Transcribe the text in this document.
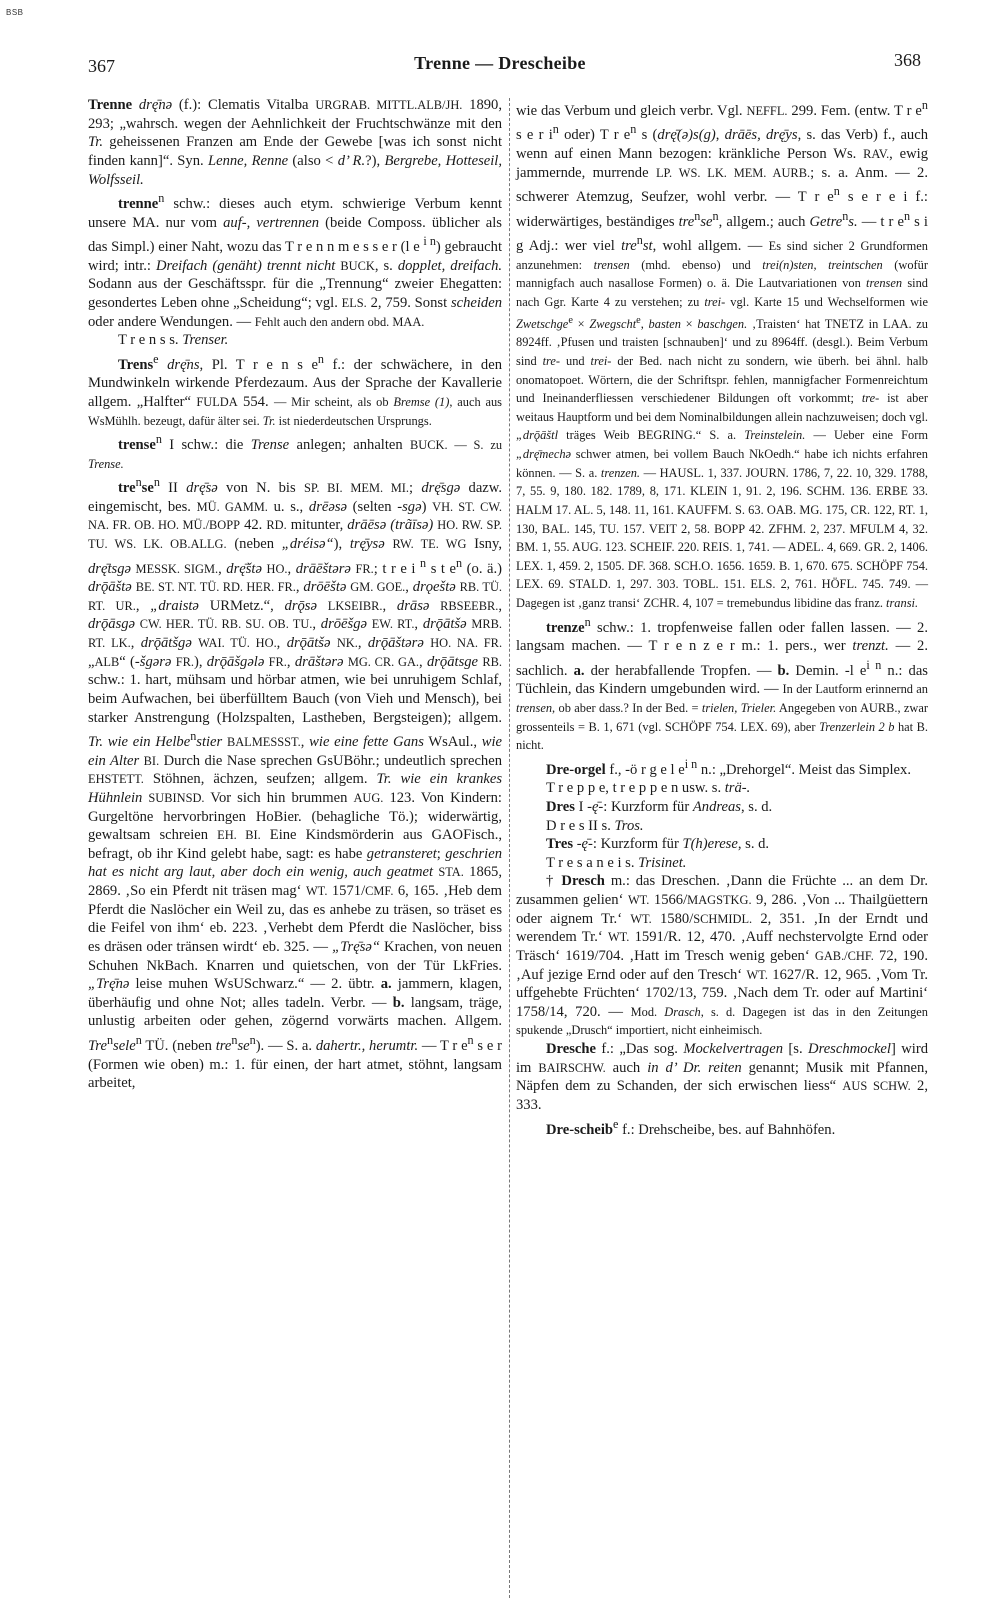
BSB
367	Trenne — Drescheibe	368

Trenne drę̄nə (f.): Clematis Vitalba URGRAB. MITTL.ALB/JH. 1890, 293; „wahrsch. wegen der Aehnlichkeit der Fruchtschwänze mit den Tr. geheissenen Franzen am Ende der Gewebe [was ich sonst nicht finden kann]“. Syn. Lenne, Renne (also < d’ R.?), Bergrebe, Hotteseil, Wolfsseil.

trenne$^n$ schw.: dieses auch etym. schwierige Verbum kennt unsere MA. nur vom auf-, vertrennen (beide Composs. üblicher als das Simpl.) einer Naht, wozu das T r e n n m e s s e r (l e $^{i n}$) gebraucht wird; intr.: Dreifach (genäht) trennt nicht BUCK, s. dopplet, dreifach. Sodann aus der Geschäftsspr. für die „Trennung“ zweier Ehegatten: gesondertes Leben ohne „Scheidung“; vgl. ELS. 2, 759. Sonst scheiden oder andere Wendungen. — Fehlt auch den andern obd. MAA.

T r e n s s. Trenser.

Trens$^e$ drę̄ns, Pl. T r e n s $e^n$ f.: der schwächere, in den Mundwinkeln wirkende Pferdezaum. Aus der Sprache der Kavallerie allgem. „Halfter“ FULDA 554. — Mir scheint, als ob Bremse (1), auch aus WsMühlh. bezeugt, dafür älter sei. Tr. ist niederdeutschen Ursprungs.

trense$^n$ I schw.: die Trense anlegen; anhalten BUCK. — S. zu Trense.

$tre^nse^n$ II drę̄sə von N. bis SP. BI. MEM. MI.; drę̄sgə dazw. eingemischt, bes. MÜ. GAMM. u. s., drēəsə (selten -sgə) VH. ST. CW. NA. FR. OB. HO. MÜ./BOPP 42. RD. mitunter, drāēsə (trãīsə) HO. RW. SP. TU. WS. LK. OB.ALLG. (neben „dréisə“), trę̄ysə RW. TE. WG Isny, drę̄tsgə MESSK. SIGM., drę̄štə HO., drāēštərə FR.; t r e i $^n$ s t $e^n$ (o. ä.) drǭāštə BE. ST. NT. TÜ. RD. HER. FR., drōēštə GM. GOE., drǫeštə RB. TÜ. RT. UR., „draistə URMetz.“, drǭsə LKSEIBR., drāsə RBSEEBR., drǭāsgə CW. HER. TÜ. RB. SU. OB. TU., drōēšgə EW. RT., drǭātšə MRB. RT. LK., drǭātšgə WAI. TÜ. HO., drǭātšə NK., drǭāštərə HO. NA. FR. „ALB“ (-šgərə FR.), drǭāšgələ FR., drāštərə MG. CR. GA., drǭātsge RB. schw.: 1. hart, mühsam und hörbar atmen, wie bei unruhigem Schlaf, beim Aufwachen, bei überfülltem Bauch (von Vieh und Mensch), bei starker Anstrengung (Holzspalten, Lastheben, Bergsteigen); allgem. Tr. wie ein Helbe$^n$stier BALMESSST., wie eine fette Gans WsAul., wie ein Alter BI. Durch die Nase sprechen GsUBöhr.; undeutlich sprechen EHSTETT. Stöhnen, ächzen, seufzen; allgem. Tr. wie ein krankes Hühnlein SUBINSD. Vor sich hin brummen AUG. 123. Von Kindern: Gurgeltöne hervorbringen HoBier. (behagliche Tö.); widerwärtig, gewaltsam schreien EH. BI. Eine Kindsmörderin aus GAOFisch., befragt, ob ihr Kind gelebt habe, sagt: es habe getransteret; geschrien hat es nicht arg laut, aber doch ein wenig, auch geatmet STA. 1865, 2869. ‚So ein Pferdt nit träsen mag‘ WT. 1571/CMF. 6, 165. ‚Heb dem Pferdt die Naslöcher ein Weil zu, das es anhebe zu träsen, so träset es die Feifel von ihm‘ eb. 223. ‚Verhebt dem Pferdt die Naslöcher, biss es dräsen oder tränsen wirdt‘ eb. 325. — „Trę̄sə“ Krachen, von neuen Schuhen NkBach. Knarren und quietschen, von der Tür LkFries. „Trę̄nə leise muhen WsUSchwarz.“ — 2. übtr. a. jammern, klagen, überhäufig und ohne Not; alles tadeln. Verbr. — b. langsam, träge, unlustig arbeiten oder gehen, zögernd vorwärts machen. Allgem. Tre$^n$sele$^n$ TÜ. (neben $tre^nse^n$). — S. a. dahertr., herumtr. — T r $e^n$ s e r (Formen wie oben) m.: 1. für einen, der hart atmet, stöhnt, langsam arbeitet,

wie das Verbum und gleich verbr. Vgl. NEFFL. 299. Fem. (entw. T r $e^n$ s e r $i^n$ oder) T r $e^n$ s (drę̄(ə)s(g), drāēs, drę̄ys, s. das Verb) f., auch wenn auf einen Mann bezogen: kränkliche Person Ws. RAV., ewig jammernde, murrende LP. WS. LK. MEM. AURB.; s. a. Anm. — 2. schwerer Atemzug, Seufzer, wohl verbr. — T r $e^n$ s e r e i f.: widerwärtiges, beständiges $tre^nse^n$, allgem.; auch Getre$^n$s. — t r $e^n$ s i g Adj.: wer viel tre$^n$st, wohl allgem. — Es sind sicher 2 Grundformen anzunehmen: trensen (mhd. ebenso) und trei(n)sten, treintschen (wofür mannigfach auch nasallose Formen) o. ä. Die Lautvariationen von trensen sind nach Ggr. Karte 4 zu verstehen; zu trei- vgl. Karte 15 und Wechselformen wie Zwetschge$^e$ × Zwegscht$^e$, basten × baschgen. ‚Traisten‘ hat TNETZ in LAA. zu 8924ff. ‚Pfusen und traisten [schnauben]‘ und zu 8964ff. (desgl.). Beim Verbum sind tre- und trei- der Bed. nach nicht zu sondern, wie überh. bei ähnl. halb onomatopoet. Wörtern, die der Schriftspr. fehlen, mannigfacher Formenreichtum und Ineinanderfliessen verschiedener Bildungen oft vorkommt; tre- ist aber weitaus Hauptform und bei dem Nominalbildungen allein nachzuweisen; doch vgl. „drǭāštl träges Weib BEGRING.“ S. a. Treinstelein. — Ueber eine Form „drę̄mechə schwer atmen, bei vollem Bauch NkOedh.“ habe ich nichts erfahren können. — S. a. trenzen. — HAUSL. 1, 337. JOURN. 1786, 7, 22. 10, 329. 1788, 7, 55. 9, 180. 182. 1789, 8, 171. KLEIN 1, 91. 2, 196. SCHM. 136. ERBE 33. HALM 17. AL. 5, 148. 11, 161. KAUFFM. S. 63. OAB. MG. 175, CR. 122, RT. 1, 130, BAL. 145, TU. 157. VEIT 2, 58. BOPP 42. ZFHM. 2, 237. MFULM 4, 32. BM. 1, 55. AUG. 123. SCHEIF. 220. REIS. 1, 741. — ADEL. 4, 669. GR. 2, 1406. LEX. 1, 459. 2, 1505. DF. 368. SCH.O. 1656. 1659. B. 1, 670. 675. SCHÖPF 754. LEX. 69. STALD. 1, 297. 303. TOBL. 151. ELS. 2, 761. HÖFL. 745. 749. — Dagegen ist ‚ganz transi‘ ZCHR. 4, 107 = tremebundus libidine das franz. transi.

trenze$^n$ schw.: 1. tropfenweise fallen oder fallen lassen. — 2. langsam machen. — T r e n z e r m.: 1. pers., wer trenzt. — 2. sachlich. a. der herabfallende Tropfen. — b. Demin. -l $e^{i n}$ n.: das Tüchlein, das Kindern umgebunden wird. — In der Lautform erinnernd an trensen, ob aber dass.? In der Bed. = trielen, Trieler. Angegeben von AURB., zwar grossenteils = B. 1, 671 (vgl. SCHÖPF 754. LEX. 69), aber Trenzerlein 2 b hat B. nicht.

Dre-orgel f., -ö r g e l $e^{i n}$ n.: „Drehorgel“. Meist das Simplex.

T r e p p e, t r e p p e n usw. s. trä-.

Dres I -ę̄-: Kurzform für Andreas, s. d.

D r e s II s. Tros.

Tres -ę̄-: Kurzform für T(h)erese, s. d.

T r e s a n e i s. Trisinet.

† Dresch m.: das Dreschen. ‚Dann die Früchte ... an dem Dr. zusammen gelien‘ WT. 1566/MAGSTKG. 9, 286. ‚Von ... Thailgüettern oder aignem Tr.‘ WT. 1580/SCHMIDL. 2, 351. ‚In der Erndt und werendem Tr.‘ WT. 1591/R. 12, 470. ‚Auff nechstervolgte Ernd oder Träsch‘ 1619/704. ‚Hatt im Tresch wenig geben‘ GAB./CHF. 72, 190. ‚Auf jezige Ernd oder auf den Tresch‘ WT. 1627/R. 12, 965. ‚Vom Tr. uffgehebte Früchten‘ 1702/13, 759. ‚Nach dem Tr. oder auf Martini‘ 1758/14, 720. — Mod. Drasch, s. d. Dagegen ist das in den Zeitungen spukende „Drusch“ importiert, nicht einheimisch.

Dresche f.: „Das sog. Mockelvertragen [s. Dreschmockel] wird im BAIRSCHW. auch in d’ Dr. reiten genannt; Musik mit Pfannen, Näpfen dem zu Schanden, der sich erwischen liess“ AUS SCHW. 2, 333.

Dre-scheib$^e$ f.: Drehscheibe, bes. auf Bahnhöfen.
